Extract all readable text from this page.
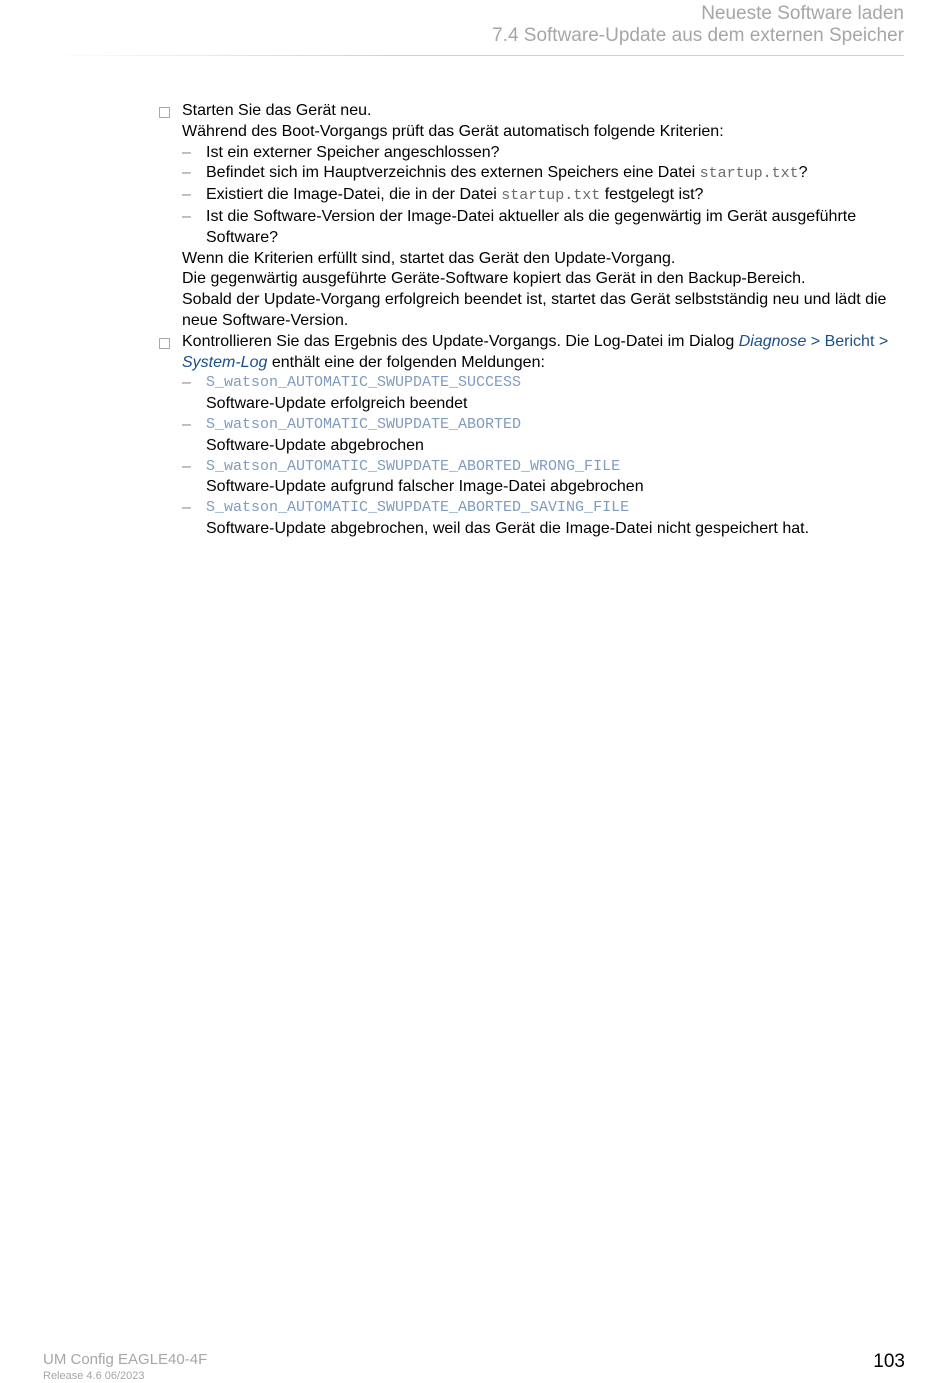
Neueste Software laden
7.4 Software-Update aus dem externen Speicher
Starten Sie das Gerät neu.
Während des Boot-Vorgangs prüft das Gerät automatisch folgende Kriterien:
– Ist ein externer Speicher angeschlossen?
– Befindet sich im Hauptverzeichnis des externen Speichers eine Datei startup.txt?
– Existiert die Image-Datei, die in der Datei startup.txt festgelegt ist?
– Ist die Software-Version der Image-Datei aktueller als die gegenwärtig im Gerät ausgeführte Software?
Wenn die Kriterien erfüllt sind, startet das Gerät den Update-Vorgang.
Die gegenwärtig ausgeführte Geräte-Software kopiert das Gerät in den Backup-Bereich.
Sobald der Update-Vorgang erfolgreich beendet ist, startet das Gerät selbstständig neu und lädt die neue Software-Version.
Kontrollieren Sie das Ergebnis des Update-Vorgangs. Die Log-Datei im Dialog Diagnose > Bericht > System-Log enthält eine der folgenden Meldungen:
– S_watson_AUTOMATIC_SWUPDATE_SUCCESS
Software-Update erfolgreich beendet
– S_watson_AUTOMATIC_SWUPDATE_ABORTED
Software-Update abgebrochen
– S_watson_AUTOMATIC_SWUPDATE_ABORTED_WRONG_FILE
Software-Update aufgrund falscher Image-Datei abgebrochen
– S_watson_AUTOMATIC_SWUPDATE_ABORTED_SAVING_FILE
Software-Update abgebrochen, weil das Gerät die Image-Datei nicht gespeichert hat.
UM Config EAGLE40-4F
Release 4.6 06/2023
103
